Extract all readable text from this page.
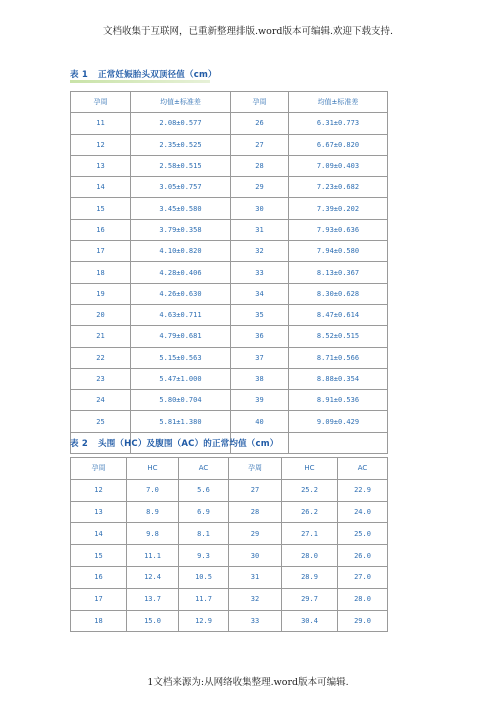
文档收集于互联网，已重新整理排版.word版本可编辑.欢迎下载支持.
表 1 正常妊娠胎头双顶径值（cm）
孕周	均值±标准差	孕周	均值±标准差
11	2.08±0.577	26	6.31±0.773
12	2.35±0.525	27	6.67±0.820
13	2.58±0.515	28	7.09±0.403
14	3.05±0.757	29	7.23±0.682
15	3.45±0.580	30	7.39±0.202
16	3.79±0.358	31	7.93±0.636
17	4.10±0.820	32	7.94±0.580
18	4.28±0.406	33	8.13±0.367
19	4.26±0.630	34	8.30±0.628
20	4.63±0.711	35	8.47±0.614
21	4.79±0.681	36	8.52±0.515
22	5.15±0.563	37	8.71±0.566
23	5.47±1.000	38	8.88±0.354
24	5.80±0.704	39	8.91±0.536
25	5.81±1.380	40	9.09±0.429

表 2 头围（HC）及腹围（AC）的正常均值（cm）
孕周	HC	AC	孕周	HC	AC
12	7.0	5.6	27	25.2	22.9
13	8.9	6.9	28	26.2	24.0
14	9.8	8.1	29	27.1	25.0
15	11.1	9.3	30	28.0	26.0
16	12.4	10.5	31	28.9	27.0
17	13.7	11.7	32	29.7	28.0
18	15.0	12.9	33	30.4	29.0
1文档来源为:从网络收集整理.word版本可编辑.
